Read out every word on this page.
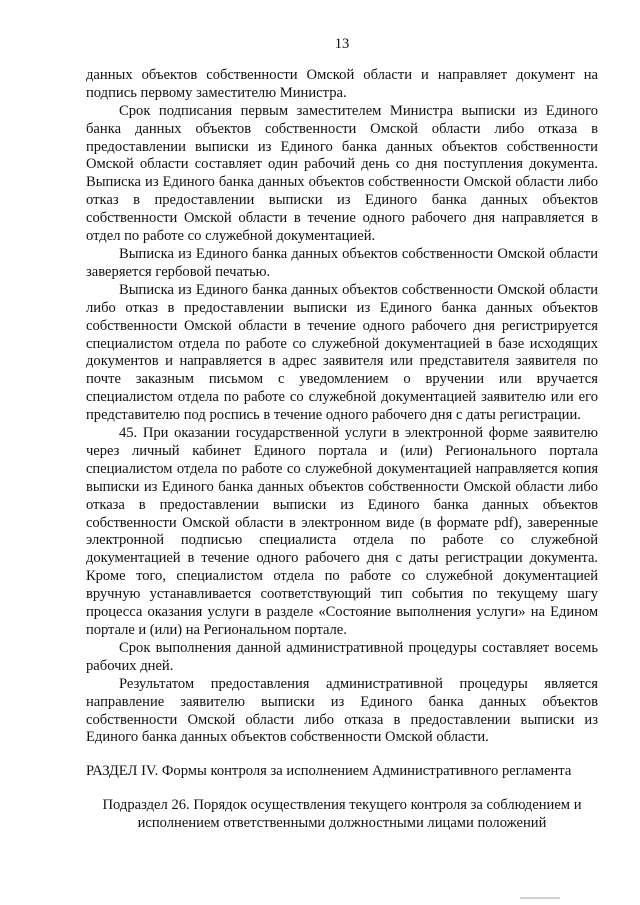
13

данных объектов собственности Омской области и направляет документ на подпись первому заместителю Министра.

Срок подписания первым заместителем Министра выписки из Единого банка данных объектов собственности Омской области либо отказа в предоставлении выписки из Единого банка данных объектов собственности Омской области составляет один рабочий день со дня поступления документа. Выписка из Единого банка данных объектов собственности Омской области либо отказ в предоставлении выписки из Единого банка данных объектов собственности Омской области в течение одного рабочего дня направляется в отдел по работе со служебной документацией.

Выписка из Единого банка данных объектов собственности Омской области заверяется гербовой печатью.

Выписка из Единого банка данных объектов собственности Омской области либо отказ в предоставлении выписки из Единого банка данных объектов собственности Омской области в течение одного рабочего дня регистрируется специалистом отдела по работе со служебной документацией в базе исходящих документов и направляется в адрес заявителя или представителя заявителя по почте заказным письмом с уведомлением о вручении или вручается специалистом отдела по работе со служебной документацией заявителю или его представителю под роспись в течение одного рабочего дня с даты регистрации.

45. При оказании государственной услуги в электронной форме заявителю через личный кабинет Единого портала и (или) Регионального портала специалистом отдела по работе со служебной документацией направляется копия выписки из Единого банка данных объектов собственности Омской области либо отказа в предоставлении выписки из Единого банка данных объектов собственности Омской области в электронном виде (в формате pdf), заверенные электронной подписью специалиста отдела по работе со служебной документацией в течение одного рабочего дня с даты регистрации документа. Кроме того, специалистом отдела по работе со служебной документацией вручную устанавливается соответствующий тип события по текущему шагу процесса оказания услуги в разделе «Состояние выполнения услуги» на Едином портале и (или) на Региональном портале.

Срок выполнения данной административной процедуры составляет восемь рабочих дней.

Результатом предоставления административной процедуры является направление заявителю выписки из Единого банка данных объектов собственности Омской области либо отказа в предоставлении выписки из Единого банка данных объектов собственности Омской области.

РАЗДЕЛ IV. Формы контроля за исполнением Административного регламента

Подраздел 26. Порядок осуществления текущего контроля за соблюдением и исполнением ответственными должностными лицами положений
